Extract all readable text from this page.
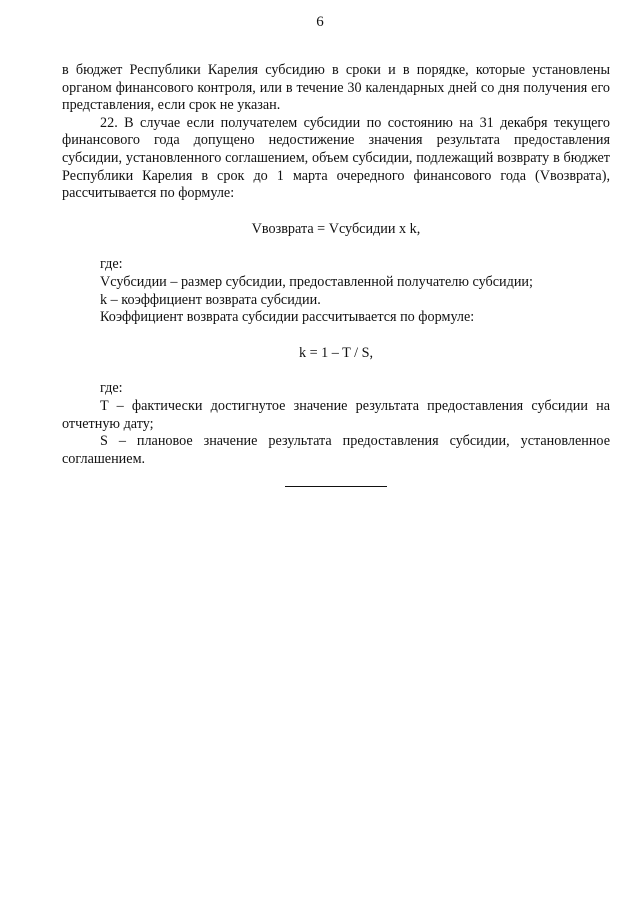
6

в бюджет Республики Карелия субсидию в сроки и в порядке, которые установлены органом финансового контроля, или в течение 30 календарных дней со дня получения его представления, если срок не указан.

22. В случае если получателем субсидии по состоянию на 31 декабря текущего финансового года допущено недостижение значения результата предоставления субсидии, установленного соглашением, объем субсидии, подлежащий возврату в бюджет Республики Карелия в срок до 1 марта очередного финансового года (Vвозврата), рассчитывается по формуле:

Vвозврата = Vсубсидии x k,

где:

Vсубсидии – размер субсидии, предоставленной получателю субсидии;

k – коэффициент возврата субсидии.

Коэффициент возврата субсидии рассчитывается по формуле:

k = 1 – T / S,

где:

T – фактически достигнутое значение результата предоставления субсидии на отчетную дату;

S – плановое значение результата предоставления субсидии, установленное соглашением.
